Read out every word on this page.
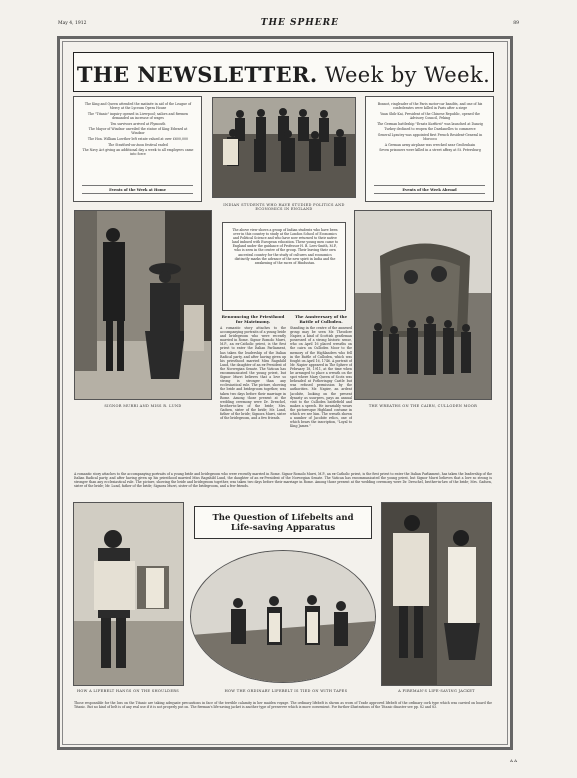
May 4, 1912	THE SPHERE	89
THE NEWSLETTER. Week by Week.
The King and Queen attended the matinée in aid of the League of Mercy at the Lyceum Opera House
The "Titanic" inquiry opened in Liverpool; sailors and firemen demanded an increase of wages
Ten survivors arrived at Plymouth
The Mayor of Windsor unveiled the statue of King Edward at Windsor
The Hon. William Lowther left estate valued at over £600,000
The Stratford-on-Avon festival ended
The Navy Act giving an additional day a week to all employees came into force
Events of the Week at Home
INDIAN STUDENTS WHO HAVE STUDIED POLITICS AND ECONOMICS IN ENGLAND
Bonnot, ringleader of the Paris motor-car bandits, and one of his confederates were killed in Paris after a siege
Yuan Shih-Kai, President of the Chinese Republic, opened the Advisory Council, Peking
The German battleship "Ersatz Kurfürst" was launched at Danzig
Turkey declined to reopen the Dardanelles to commerce
General Lyautey was appointed first French Resident-General in Morocco
A German army airplane was wrecked near Großenhain
Seven prisoners were killed in a street affray at St. Petersburg
Events of the Week Abroad
SIGNOR MURRI AND MISS R. LUND
The above view shows a group of Indian students who have been over in this country to study at the London School of Economics and Political Science and who have now returned to their native land imbued with European education. These young men came to England under the guidance of Professor H. B. Lees-Smith, M.P., who is seen in the centre of the group. Their leaving their own ancestral country for the study of cultures and economics distinctly marks the advance of the new spirit in India and the awakening of the races of Hindustan.
Renouncing the Priesthood for Matrimony.
A romantic story attaches to the accompanying portraits of a young bride and bridegroom who were recently married in Rome. Signor Romolo Murri, M.P., an ex-Catholic priest, is the first priest to enter the Italian Parliament, has taken the leadership of the Italian Radical party, and after having given up his priesthood married Miss Ragnhild Lund, the daughter of an ex-President of the Norwegian Senate. The Vatican has excommunicated the young priest, but Signor Murri believes that a love so strong is stronger than any ecclesiastical rule. The picture, showing the bride and bridegroom together, was taken two days before their marriage in Rome. Among those present at the wedding ceremony were Dr. Dreschel, brother-in-law of the bride; Mrs. Gadsen, sister of the bride; Mr. Lund, father of the bride; Signora Murri, sister of the bridegroom, and a few friends.
The Anniversary of the Battle of Culloden.
Standing in the centre of the annexed group may be seen Mr. Theodore Napier, a kind of Scottish gentleman possessed of a strong historic sense, who on April 16 placed wreaths on the cairn on Culloden Moor to the memory of the Highlanders who fell in the Battle of Culloden, which was fought on April 16, 1746. A portrait of Mr. Napier appeared in The Sphere of February 18, 1911, at the time when he arranged to place a wreath on the spot where Mary Queen of Scots was beheaded at Fotheringay Castle but was refused permission by the authorities. Mr. Napier, an ardent Jacobite, looking on the present dynasty as usurpers, pays an annual visit to the Culloden battlefield and makes a speech. He invariably wears the picturesque Highland costume in which we see him. The wreath shown a number of Jacobite relics, one of which bears the inscription, "Loyal to King James."
THE WREATHS ON THE CAIRN, CULLODEN MOOR
A romantic story attaches to the accompanying portraits of a young bride and bridegroom who were recently married in Rome. Signor Romolo Murri, M.P., an ex-Catholic priest, is the first priest to enter the Italian Parliament, has taken the leadership of the Italian Radical party, and after having given up his priesthood married Miss Ragnhild Lund, the daughter of an ex-President of the Norwegian Senate. The Vatican has excommunicated the young priest, but Signor Murri believes that a love so strong is stronger than any ecclesiastical rule. The picture, showing the bride and bridegroom together, was taken two days before their marriage in Rome. Among those present at the wedding ceremony were Dr. Dreschel, brother-in-law of the bride; Mrs. Gadsen, sister of the bride; Mr. Lund, father of the bride; Signora Murri, sister of the bridegroom, and a few friends.
HOW A LIFEBELT HANGS ON THE SHOULDERS
The Question of Lifebelts and
Life-saving Apparatus
HOW THE ORDINARY LIFEBELT IS TIED ON WITH TAPES	A FIREMAN'S LIFE-SAVING JACKET
Those responsible for the loss on the Titanic are taking adequate precautions in face of the terrible calamity in her maiden voyage. The ordinary lifebelt is shown as worn of Trade approved lifebelt of the ordinary cork type which was carried on board the Titanic. But no kind of belt is of any real use if it is not properly put on. The fireman's life-saving jacket is another type of preserver which is more convenient. For further illustrations of the Titanic disaster see pp. 82 and 83.
A A
